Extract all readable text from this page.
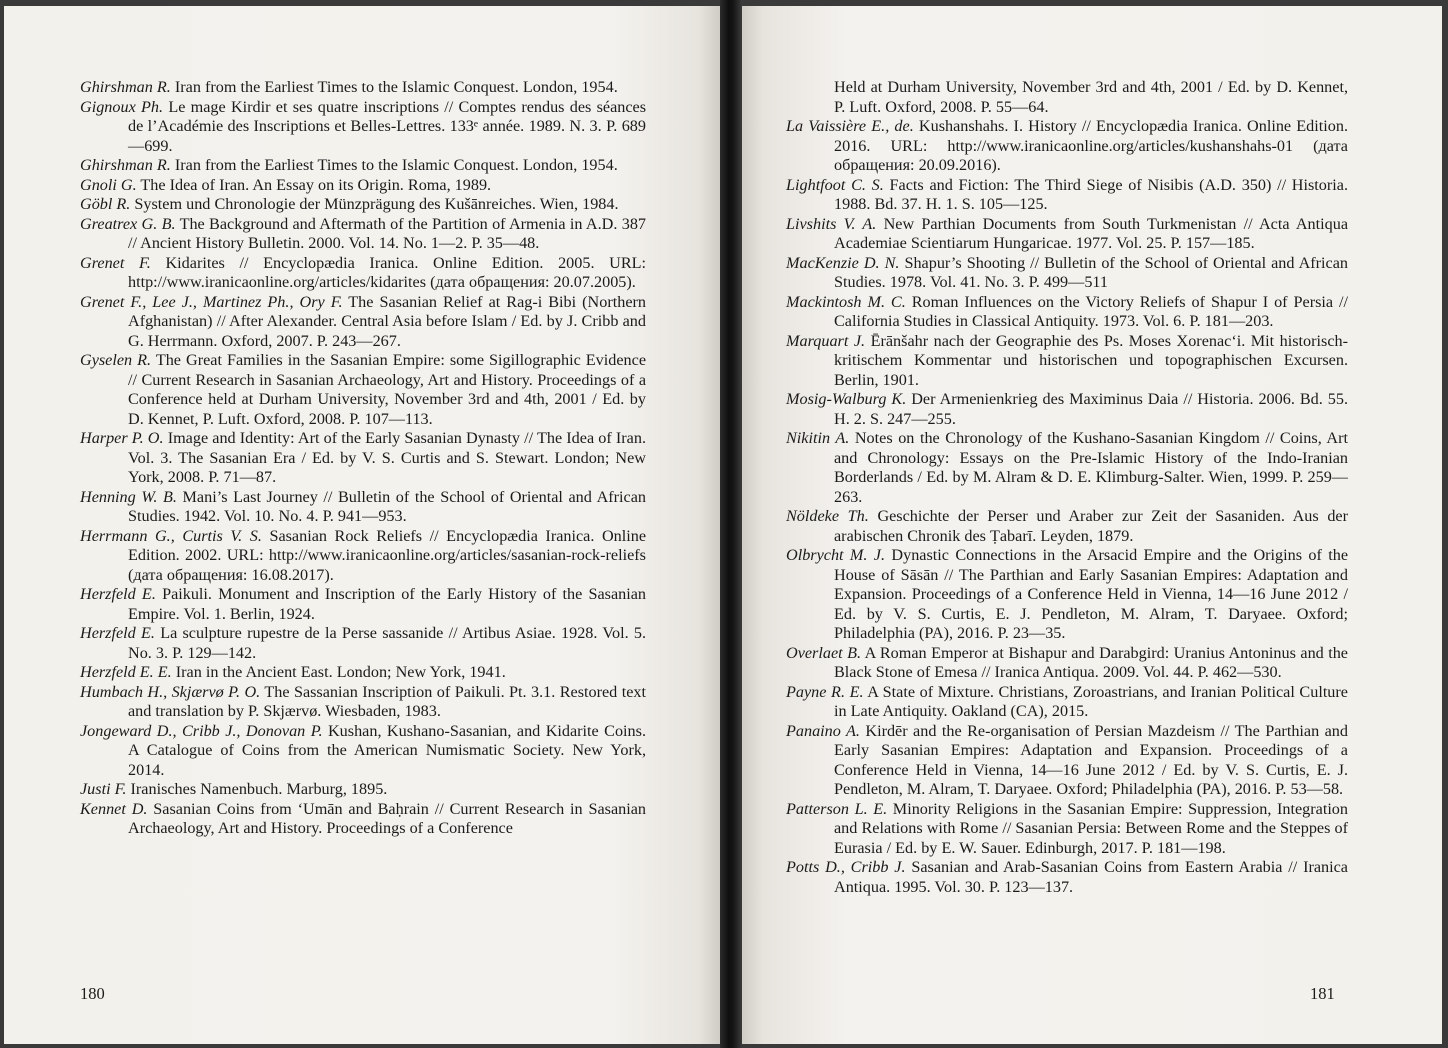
Ghirshman R. Iran from the Earliest Times to the Islamic Conquest. London, 1954.
Gignoux Ph. Le mage Kirdir et ses quatre inscriptions // Comptes rendus des séances de l’Académie des Inscriptions et Belles-Lettres. 133ᵉ année. 1989. N. 3. P. 689—699.
Ghirshman R. Iran from the Earliest Times to the Islamic Conquest. London, 1954.
Gnoli G. The Idea of Iran. An Essay on its Origin. Roma, 1989.
Göbl R. System und Chronologie der Münzprägung des Kušānreiches. Wien, 1984.
Greatrex G. B. The Background and Aftermath of the Partition of Armenia in A.D. 387 // Ancient History Bulletin. 2000. Vol. 14. No. 1—2. P. 35—48.
Grenet F. Kidarites // Encyclopædia Iranica. Online Edition. 2005. URL: http://www.iranicaonline.org/articles/kidarites (дата обращения: 20.07.2005).
Grenet F., Lee J., Martinez Ph., Ory F. The Sasanian Relief at Rag-i Bibi (Northern Afghanistan) // After Alexander. Central Asia before Islam / Ed. by J. Cribb and G. Herrmann. Oxford, 2007. P. 243—267.
Gyselen R. The Great Families in the Sasanian Empire: some Sigillographic Evidence // Current Research in Sasanian Archaeology, Art and History. Proceedings of a Conference held at Durham University, November 3rd and 4th, 2001 / Ed. by D. Kennet, P. Luft. Oxford, 2008. P. 107—113.
Harper P. O. Image and Identity: Art of the Early Sasanian Dynasty // The Idea of Iran. Vol. 3. The Sasanian Era / Ed. by V. S. Curtis and S. Stewart. London; New York, 2008. P. 71—87.
Henning W. B. Mani’s Last Journey // Bulletin of the School of Oriental and African Studies. 1942. Vol. 10. No. 4. P. 941—953.
Herrmann G., Curtis V. S. Sasanian Rock Reliefs // Encyclopædia Iranica. Online Edition. 2002. URL: http://www.iranicaonline.org/articles/sasanian-rock-reliefs (дата обращения: 16.08.2017).
Herzfeld E. Paikuli. Monument and Inscription of the Early History of the Sasanian Empire. Vol. 1. Berlin, 1924.
Herzfeld E. La sculpture rupestre de la Perse sassanide // Artibus Asiae. 1928. Vol. 5. No. 3. P. 129—142.
Herzfeld E. E. Iran in the Ancient East. London; New York, 1941.
Humbach H., Skjærvø P. O. The Sassanian Inscription of Paikuli. Pt. 3.1. Restored text and translation by P. Skjærvø. Wiesbaden, 1983.
Jongeward D., Cribb J., Donovan P. Kushan, Kushano-Sasanian, and Kidarite Coins. A Catalogue of Coins from the American Numismatic Society. New York, 2014.
Justi F. Iranisches Namenbuch. Marburg, 1895.
Kennet D. Sasanian Coins from ‘Umān and Baḥrain // Current Research in Sasanian Archaeology, Art and History. Proceedings of a Conference
180
Held at Durham University, November 3rd and 4th, 2001 / Ed. by D. Kennet, P. Luft. Oxford, 2008. P. 55—64.
La Vaissière E., de. Kushanshahs. I. History // Encyclopædia Iranica. Online Edition. 2016. URL: http://www.iranicaonline.org/articles/kushanshahs-01 (дата обращения: 20.09.2016).
Lightfoot C. S. Facts and Fiction: The Third Siege of Nisibis (A.D. 350) // Historia. 1988. Bd. 37. H. 1. S. 105—125.
Livshits V. A. New Parthian Documents from South Turkmenistan // Acta Antiqua Academiae Scientiarum Hungaricae. 1977. Vol. 25. P. 157—185.
MacKenzie D. N. Shapur’s Shooting // Bulletin of the School of Oriental and African Studies. 1978. Vol. 41. No. 3. P. 499—511
Mackintosh M. C. Roman Influences on the Victory Reliefs of Shapur I of Persia // California Studies in Classical Antiquity. 1973. Vol. 6. P. 181—203.
Marquart J. Ērānšahr nach der Geographie des Ps. Moses Xorenac‘i. Mit historisch-kritischem Kommentar und historischen und topographischen Excursen. Berlin, 1901.
Mosig-Walburg K. Der Armenienkrieg des Maximinus Daia // Historia. 2006. Bd. 55. H. 2. S. 247—255.
Nikitin A. Notes on the Chronology of the Kushano-Sasanian Kingdom // Coins, Art and Chronology: Essays on the Pre-Islamic History of the Indo-Iranian Borderlands / Ed. by M. Alram & D. E. Klimburg-Salter. Wien, 1999. P. 259—263.
Nöldeke Th. Geschichte der Perser und Araber zur Zeit der Sasaniden. Aus der arabischen Chronik des Ṭabarī. Leyden, 1879.
Olbrycht M. J. Dynastic Connections in the Arsacid Empire and the Origins of the House of Sāsān // The Parthian and Early Sasanian Empires: Adaptation and Expansion. Proceedings of a Conference Held in Vienna, 14—16 June 2012 / Ed. by V. S. Curtis, E. J. Pendleton, M. Alram, T. Daryaee. Oxford; Philadelphia (PA), 2016. P. 23—35.
Overlaet B. A Roman Emperor at Bishapur and Darabgird: Uranius Antoninus and the Black Stone of Emesa // Iranica Antiqua. 2009. Vol. 44. P. 462—530.
Payne R. E. A State of Mixture. Christians, Zoroastrians, and Iranian Political Culture in Late Antiquity. Oakland (CA), 2015.
Panaino A. Kirdēr and the Re-organisation of Persian Mazdeism // The Parthian and Early Sasanian Empires: Adaptation and Expansion. Proceedings of a Conference Held in Vienna, 14—16 June 2012 / Ed. by V. S. Curtis, E. J. Pendleton, M. Alram, T. Daryaee. Oxford; Philadelphia (PA), 2016. P. 53—58.
Patterson L. E. Minority Religions in the Sasanian Empire: Suppression, Integration and Relations with Rome // Sasanian Persia: Between Rome and the Steppes of Eurasia / Ed. by E. W. Sauer. Edinburgh, 2017. P. 181—198.
Potts D., Cribb J. Sasanian and Arab-Sasanian Coins from Eastern Arabia // Iranica Antiqua. 1995. Vol. 30. P. 123—137.
181
